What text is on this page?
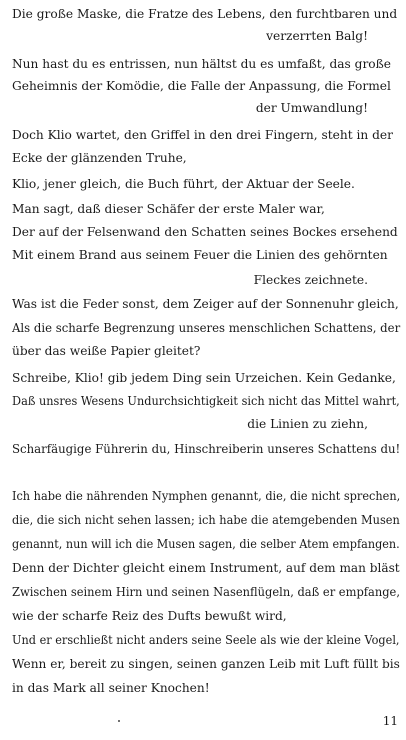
Die große Maske, die Fratze des Lebens, den furchtbaren und
verzerrten Balg!
Nun hast du es entrissen, nun hältst du es umfaßt, das große
Geheimnis der Komödie, die Falle der Anpassung, die Formel
der Umwandlung!
Doch Klio wartet, den Griffel in den drei Fingern, steht in der
Ecke der glänzenden Truhe,
Klio, jener gleich, die Buch führt, der Aktuar der Seele.
Man sagt, daß dieser Schäfer der erste Maler war,
Der auf der Felsenwand den Schatten seines Bockes ersehend
Mit einem Brand aus seinem Feuer die Linien des gehörnten
Fleckes zeichnete.
Was ist die Feder sonst, dem Zeiger auf der Sonnenuhr gleich,
Als die scharfe Begrenzung unseres menschlichen Schattens, der
über das weiße Papier gleitet?
Schreibe, Klio! gib jedem Ding sein Urzeichen. Kein Gedanke,
Daß unsres Wesens Undurchsichtigkeit sich nicht das Mittel wahrt,
die Linien zu ziehn,
Scharfäugige Führerin du, Hinschreiberin unseres Schattens du!
Ich habe die nährenden Nymphen genannt, die, die nicht sprechen,
die, die sich nicht sehen lassen; ich habe die atemgebenden Musen
genannt, nun will ich die Musen sagen, die selber Atem empfangen.
Denn der Dichter gleicht einem Instrument, auf dem man bläst
Zwischen seinem Hirn und seinen Nasenflügeln, daß er empfange,
wie der scharfe Reiz des Dufts bewußt wird,
Und er erschließt nicht anders seine Seele als wie der kleine Vogel,
Wenn er, bereit zu singen, seinen ganzen Leib mit Luft füllt bis
in das Mark all seiner Knochen!
11
